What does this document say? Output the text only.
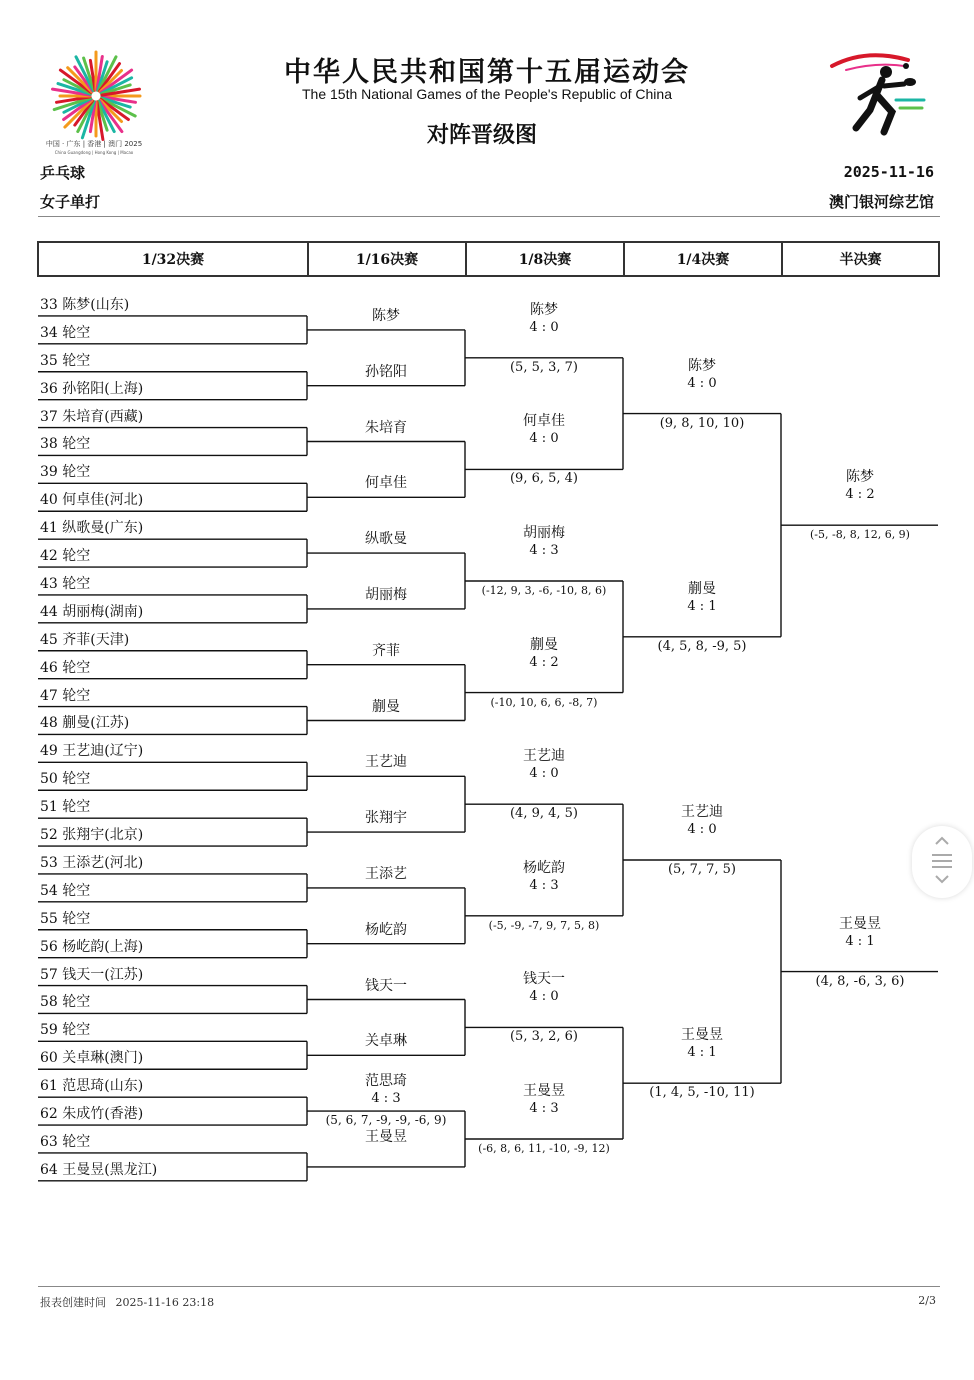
中国 · 广东 | 香港 | 澳门 2025
China Guangdong | Hong Kong | Macao
中华人民共和国第十五届运动会
The 15th National Games of the People's Republic of China
对阵晋级图
乒乓球
女子单打
2025-11-16
澳门银河综艺馆
1/32决赛	1/16决赛	1/8决赛	1/4决赛	半决赛
33 陈梦(山东)
34 轮空
35 轮空
36 孙铭阳(上海)
37 朱培育(西藏)
38 轮空
39 轮空
40 何卓佳(河北)
41 纵歌曼(广东)
42 轮空
43 轮空
44 胡丽梅(湖南)
45 齐菲(天津)
46 轮空
47 轮空
48 蒯曼(江苏)
49 王艺迪(辽宁)
50 轮空
51 轮空
52 张翔宇(北京)
53 王添艺(河北)
54 轮空
55 轮空
56 杨屹韵(上海)
57 钱天一(江苏)
58 轮空
59 轮空
60 关卓琳(澳门)
61 范思琦(山东)
62 朱成竹(香港)
63 轮空
64 王曼昱(黑龙江)
陈梦
孙铭阳
朱培育
何卓佳
纵歌曼
胡丽梅
齐菲
蒯曼
王艺迪
张翔宇
王添艺
杨屹韵
钱天一
关卓琳
范思琦
4 : 3
(5, 6, 7, -9, -9, -6, 9)
陈梦
4 : 0
(5, 5, 3, 7)
何卓佳
4 : 0
(9, 6, 5, 4)
胡丽梅
4 : 3
(-12, 9, 3, -6, -10, 8, 6)
蒯曼
4 : 2
(-10, 10, 6, 6, -8, 7)
王艺迪
4 : 0
(4, 9, 4, 5)
杨屹韵
4 : 3
(-5, -9, -7, 9, 7, 5, 8)
钱天一
4 : 0
(5, 3, 2, 6)
王曼昱
4 : 3
(-6, 8, 6, 11, -10, -9, 12)
陈梦
4 : 0
(9, 8, 10, 10)
蒯曼
4 : 1
(4, 5, 8, -9, 5)
王艺迪
4 : 0
(5, 7, 7, 5)
王曼昱
4 : 1
(1, 4, 5, -10, 11)
陈梦
4 : 2
(-5, -8, 8, 12, 6, 9)
王曼昱
4 : 1
(4, 8, -6, 3, 6)
王曼昱
报表创建时间 2025-11-16 23:18	2/3
